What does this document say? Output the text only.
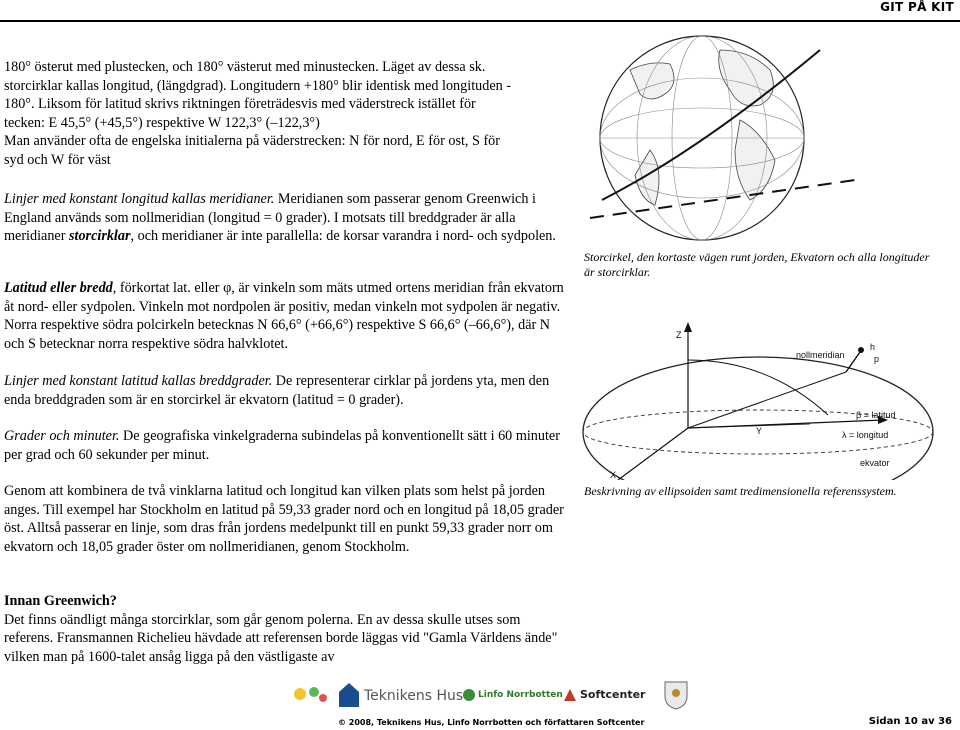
GIT PÅ KIT
180° österut med plustecken, och 180° västerut med minustecken. Läget av dessa sk.
storcirklar kallas longitud, (längdgrad). Longitudern +180° blir identisk med longituden -
180°. Liksom för latitud skrivs riktningen företrädesvis med väderstreck istället för
tecken: E 45,5° (+45,5°) respektive W 122,3° (–122,3°)
Man använder ofta de engelska initialerna på väderstrecken: N för nord, E för ost, S för
syd och W för väst
Linjer med konstant longitud kallas meridianer. Meridianen som passerar genom Greenwich i England används som nollmeridian (longitud = 0 grader). I motsats till breddgrader är alla meridianer storcirklar, och meridianer är inte parallella: de korsar varandra i nord- och sydpolen.
Latitud eller bredd, förkortat lat. eller φ, är vinkeln som mäts utmed ortens meridian från ekvatorn åt nord- eller sydpolen. Vinkeln mot nordpolen är positiv, medan vinkeln mot sydpolen är negativ. Norra respektive södra polcirkeln betecknas N 66,6° (+66,6°) respektive S 66,6° (–66,6°), där N och S betecknar norra respektive södra halvklotet.
Linjer med konstant latitud kallas breddgrader. De representerar cirklar på jordens yta, men den enda breddgraden som är en storcirkel är ekvatorn (latitud = 0 grader).
Grader och minuter. De geografiska vinkelgraderna subindelas på konventionellt sätt i 60 minuter per grad och 60 sekunder per minut.
Genom att kombinera de två vinklarna latitud och longitud kan vilken plats som helst på jorden anges. Till exempel har Stockholm en latitud på 59,33 grader nord och en longitud på 18,05 grader öst. Alltså passerar en linje, som dras från jordens medelpunkt till en punkt 59,33 grader norr om ekvatorn och 18,05 grader öster om nollmeridianen, genom Stockholm.
Innan Greenwich?
Det finns oändligt många storcirklar, som går genom polerna. En av dessa skulle utses som referens. Fransmannen Richelieu hävdade att referensen borde läggas vid "Gamla Världens ände" vilken man på 1600-talet ansåg ligga på den västligaste av
Storcirkel, den kortaste vägen runt jorden, Ekvatorn och alla longituder är storcirklar.
Z
Y
X
nollmeridian
h
p
β = latitud
λ = longitud
ekvator
Beskrivning av ellipsoiden samt tredimensionella referenssystem.
Teknikens Hus Linfo Norrbotten Softcenter
© 2008, Teknikens Hus, Linfo Norrbotten och författaren Softcenter	Sidan 10 av 36
